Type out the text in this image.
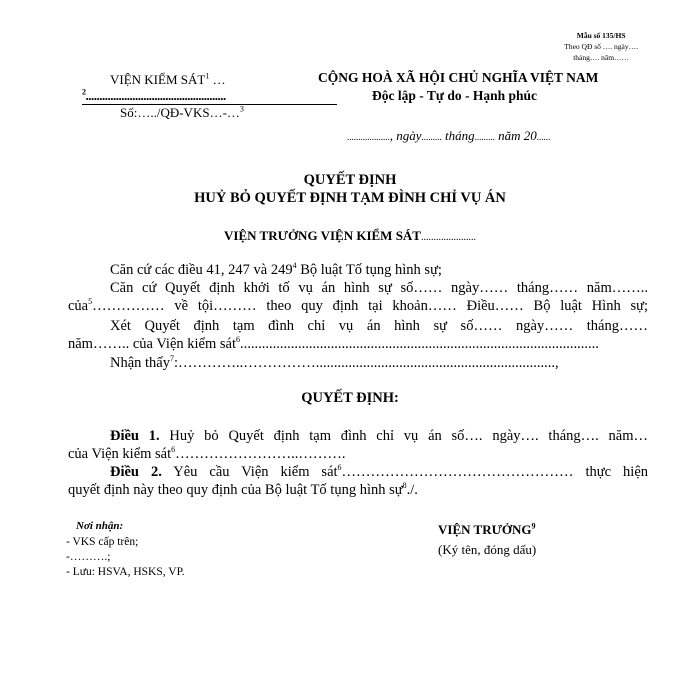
Mẫu số 135/HS
Theo QĐ số …. ngày….
tháng…. năm……
VIỆN KIỂM SÁT$^1$ …
$^2$...................................................
Số:…../QĐ-VKS…-…$^3$
CỘNG HOÀ XÃ HỘI CHỦ NGHĨA VIỆT NAM
Độc lập - Tự do - Hạnh phúc
..................., ngày......... tháng......... năm 20......
QUYẾT ĐỊNH
HUỶ BỎ QUYẾT ĐỊNH TẠM ĐÌNH CHỈ VỤ ÁN
VIỆN TRƯỞNG VIỆN KIỂM SÁT......................
Căn cứ các điều 41, 247 và $249^4$ Bộ luật Tố tụng hình sự;
Căn cứ Quyết định khởi tố vụ án hình sự số…… ngày…… tháng…… năm……..
của$^5$…………… về tội……… theo quy định tại khoản…… Điều…… Bộ luật Hình sự;
Xét Quyết định tạm đình chỉ vụ án hình sự số…… ngày…… tháng……
năm…….. của Viện kiểm sát$^6$...................................................................................................
Nhận thấy$^7$:…………..……………..................................................................,
QUYẾT ĐỊNH:
Điều 1. Huỷ bỏ Quyết định tạm đình chỉ vụ án số…. ngày…. tháng…. năm…
của Viện kiểm sát$^6$……………………..……….
Điều 2. Yêu cầu Viện kiểm sát$^6$………………………………………… thực hiện
quyết định này theo quy định của Bộ luật Tố tụng hình sự$^8$./.
Nơi nhận:
- VKS cấp trên;
-……….;
- Lưu: HSVA, HSKS, VP.
VIỆN TRƯỞNG$^9$
(Ký tên, đóng dấu)
